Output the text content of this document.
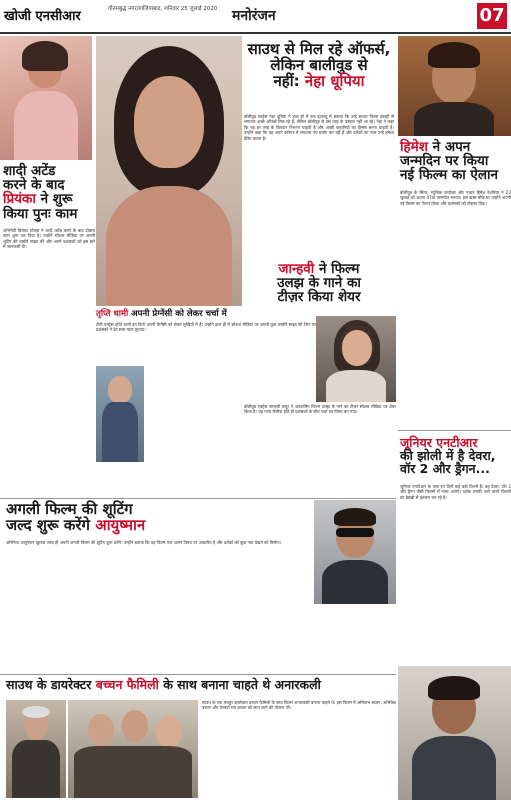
खोजी एनसीआर	गौतमबुद्ध नगर/ग़ाज़ियाबाद, शनिवार 25 जुलाई 2020 मनोरंजन	07
शादी अटेंड
करने के बाद
प्रियंका ने शुरू
किया पुनः काम
अभिनेत्री प्रियंका चोपड़ा ने शादी अटेंड करने के बाद दोबारा काम शुरू कर दिया है। उन्होंने सोशल मीडिया पर अपनी शूटिंग की तस्वीरें साझा कीं और अपने प्रशंसकों को इस बारे में जानकारी दी।
साउथ से मिल रहे ऑफर्स,
लेकिन बालीवुड से
नहीं: नेहा धूपिया
बॉलीवुड एक्ट्रेस नेहा धूपिया ने हाल ही में एक इंटरव्यू में बताया कि उन्हें साउथ फिल्म इंडस्ट्री से लगातार अच्छे ऑफर्स मिल रहे हैं, लेकिन बॉलीवुड से उस तरह के प्रस्ताव नहीं आ रहे। नेहा ने कहा कि वह हर तरह के किरदार निभाना चाहती हैं और अच्छी कहानियों का हिस्सा बनना चाहती हैं। उन्होंने कहा कि वह अपने करियर में लगातार नए प्रयोग कर रही हैं और दर्शकों का प्यार उन्हें हमेशा प्रेरित करता है।
हिमेश ने अपन
जन्मदिन पर किया
नई फिल्म का ऐलान
बॉलीवुड के सिंगर, म्यूजिक कंपोजर और एक्टर हिमेश रेशमिया ने 23 जुलाई को अपना 47वां जन्मदिन मनाया। इस खास मौके पर उन्होंने अपनी नई फिल्म का ऐलान किया और प्रशंसकों को तोहफा दिया।
जान्हवी ने फिल्म
उलझ के गाने का
टीज़र किया शेयर
बॉलीवुड एक्ट्रेस जान्हवी कपूर ने अपकमिंग फिल्म उलझ के गाने का टीज़र सोशल मीडिया पर शेयर किया है। यह गाना रिलीज़ होते ही प्रशंसकों के बीच चर्चा का विषय बन गया।
तृप्ति धामी अपनी प्रेग्नेंसी को लेकर चर्चा में
टीवी एक्ट्रेस तृप्ति धामी इन दिनों अपनी प्रेग्नेंसी को लेकर सुर्खियों में हैं। उन्होंने हाल ही में सोशल मीडिया पर अपनी कुछ तस्वीरें साझा कीं जिन पर प्रशंसकों ने ढेर सारा प्यार लुटाया।
जूनियर एनटीआर
की झोली में है देवरा,
वॉर 2 और ड्रैगन...
जूनियर एनटीआर के पास इन दिनों कई बड़ी फिल्में हैं। वह देवरा, वॉर 2 और ड्रैगन जैसी फिल्मों में नजर आएंगे। दर्शक उनकी आने वाली फिल्मों का बेसब्री से इंतजार कर रहे हैं।
अगली फिल्म की शूटिंग
जल्द शुरू करेंगे आयुष्मान
अभिनेता आयुष्मान खुराना जल्द ही अपनी अगली फिल्म की शूटिंग शुरू करेंगे। उन्होंने बताया कि यह फिल्म एक अलग विषय पर आधारित है और दर्शकों को कुछ नया देखने को मिलेगा।
साउथ के डायरेक्टर बच्चन फैमिली के साथ बनाना चाहते थे अनारकली
साउथ के एक मशहूर डायरेक्टर बच्चन फैमिली के साथ फिल्म अनारकली बनाना चाहते थे। इस फिल्म में अमिताभ बच्चन, अभिषेक बच्चन और ऐश्वर्या राय बच्चन को साथ लाने की योजना थी।
